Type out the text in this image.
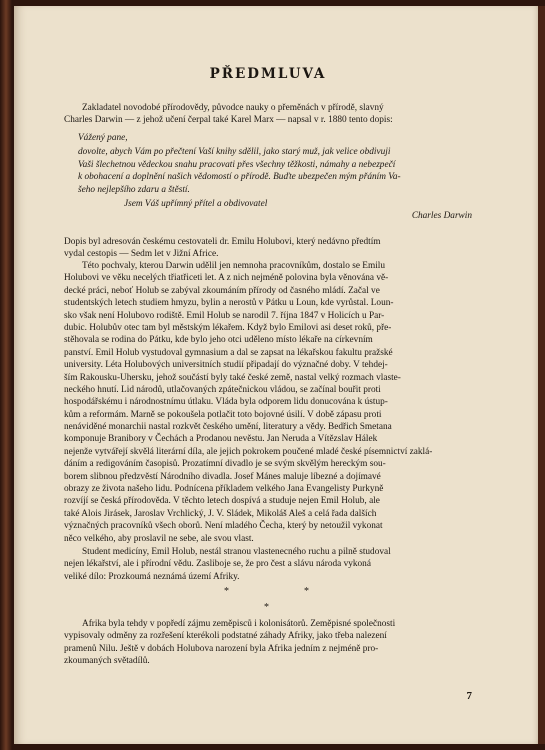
PŘEDMLUVA
Zakladatel novodobé přírodovědy, původce nauky o přeměnách v přírodě, slavný
Charles Darwin — z jehož učení čerpal také Karel Marx — napsal v r. 1880 tento dopis:
Vážený pane,
dovolte, abych Vám po přečtení Vaší knihy sdělil, jako starý muž, jak velice obdivuji
Vaši šlechetnou vědeckou snahu pracovati přes všechny těžkosti, námahy a nebezpečí
k obohacení a doplnění našich vědomostí o přírodě. Buďte ubezpečen mým přáním Va-
šeho nejlepšího zdaru a štěstí.
Jsem Váš upřímný přítel a obdivovatel
Charles Darwin
Dopis byl adresován českému cestovateli dr. Emilu Holubovi, který nedávno předtím
vydal cestopis — Sedm let v Jižní Africe.
Této pochvaly, kterou Darwin udělil jen nemnoha pracovníkům, dostalo se Emilu
Holubovi ve věku necelých třiatřiceti let. A z nich nejméně polovina byla věnována vě-
decké práci, neboť Holub se zabýval zkoumáním přírody od časného mládí. Začal ve
studentských letech studiem hmyzu, bylin a nerostů v Pátku u Loun, kde vyrůstal. Loun-
sko však není Holubovo rodiště. Emil Holub se narodil 7. října 1847 v Holicích u Par-
dubic. Holubův otec tam byl městským lékařem. Když bylo Emilovi asi deset roků, pře-
stěhovala se rodina do Pátku, kde bylo jeho otci uděleno místo lékaře na církevním
panství. Emil Holub vystudoval gymnasium a dal se zapsat na lékařskou fakultu pražské
university. Léta Holubových universitních studií připadají do význačné doby. V tehdej-
ším Rakousku-Uhersku, jehož součástí byly také české země, nastal velký rozmach vlaste-
neckého hnutí. Lid národů, utlačovaných zpátečnickou vládou, se začínal bouřit proti
hospodářskému i národnostnímu útlaku. Vláda byla odporem lidu donucována k ústup-
kům a reformám. Marně se pokoušela potlačit toto bojovné úsilí. V době zápasu proti
nenáviděné monarchii nastal rozkvět českého umění, literatury a vědy. Bedřich Smetana
komponuje Branibory v Čechách a Prodanou nevěstu. Jan Neruda a Vítězslav Hálek
nejenže vytvářejí skvělá literární díla, ale jejich pokrokem poučené mladé české písemnictví zaklá-
dáním a redigováním časopisů. Prozatímní divadlo je se svým skvělým hereckým sou-
borem slibnou předzvěstí Národního divadla. Josef Mánes maluje líbezné a dojímavé
obrazy ze života našeho lidu. Podnícena příkladem velkého Jana Evangelisty Purkyně
rozvíjí se česká přírodověda. V těchto letech dospívá a studuje nejen Emil Holub, ale
také Alois Jirásek, Jaroslav Vrchlický, J. V. Sládek, Mikoláš Aleš a celá řada dalších
význačných pracovníků všech oborů. Není mladého Čecha, který by netoužil vykonat
něco velkého, aby proslavil ne sebe, ale svou vlast.
Student medicíny, Emil Holub, nestál stranou vlastenecného ruchu a pilně studoval
nejen lékařství, ale i přírodní vědu. Zasliboje se, že pro čest a slávu národa vykoná
veliké dílo: Prozkoumá neznámá území Afriky.
*
*
*
Afrika byla tehdy v popředí zájmu zeměpisců i kolonisátorů. Zeměpisné společnosti
vypisovaly odměny za rozřešení kterékoli podstatné záhady Afriky, jako třeba nalezení
pramenů Nilu. Ještě v dobách Holubova narození byla Afrika jedním z nejméně pro-
zkoumaných světadílů.
7
